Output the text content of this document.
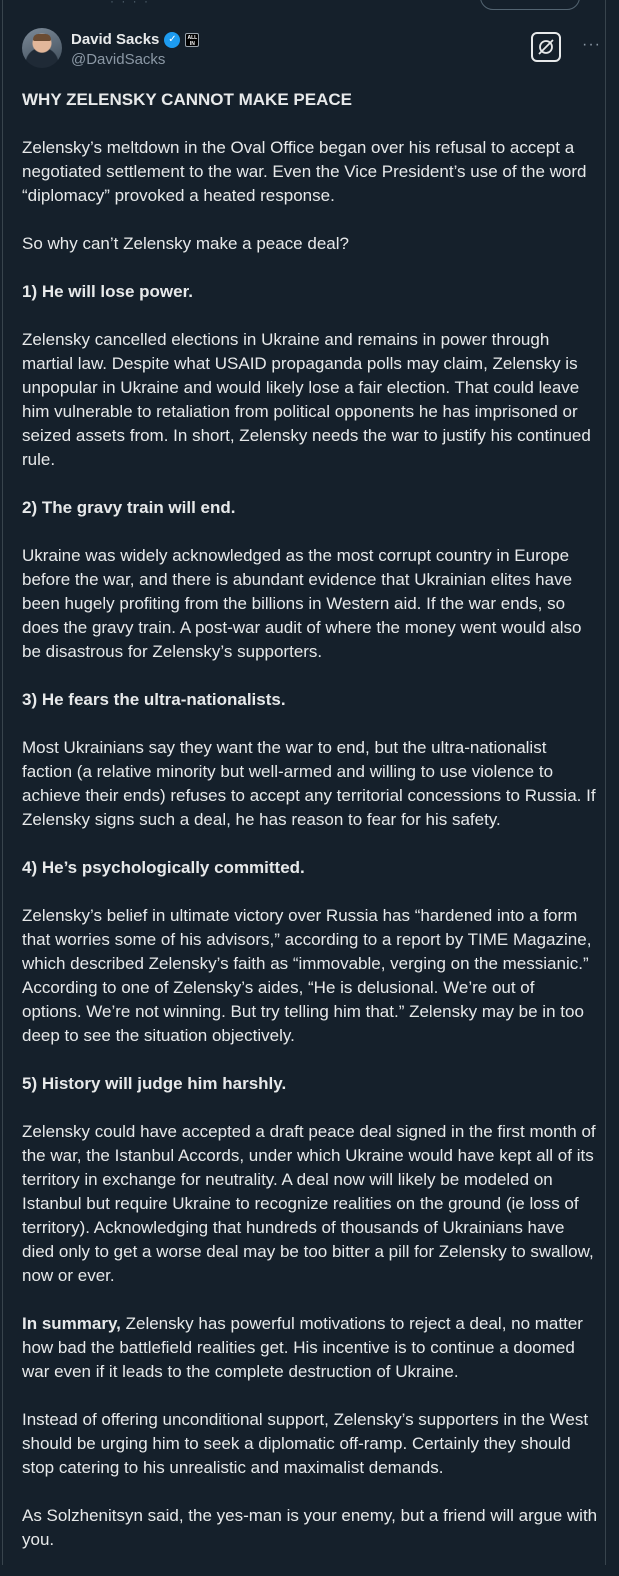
· · · ·
David Sacks ✓	ALL IN
@DavidSacks
···

WHY ZELENSKY CANNOT MAKE PEACE

Zelensky’s meltdown in the Oval Office began over his refusal to accept a negotiated settlement to the war. Even the Vice President’s use of the word “diplomacy” provoked a heated response.

So why can’t Zelensky make a peace deal?

1) He will lose power.

Zelensky cancelled elections in Ukraine and remains in power through martial law. Despite what USAID propaganda polls may claim, Zelensky is unpopular in Ukraine and would likely lose a fair election. That could leave him vulnerable to retaliation from political opponents he has imprisoned or seized assets from. In short, Zelensky needs the war to justify his continued rule.

2) The gravy train will end.

Ukraine was widely acknowledged as the most corrupt country in Europe before the war, and there is abundant evidence that Ukrainian elites have been hugely profiting from the billions in Western aid. If the war ends, so does the gravy train. A post-war audit of where the money went would also be disastrous for Zelensky’s supporters.

3) He fears the ultra-nationalists.

Most Ukrainians say they want the war to end, but the ultra-nationalist faction (a relative minority but well-armed and willing to use violence to achieve their ends) refuses to accept any territorial concessions to Russia. If Zelensky signs such a deal, he has reason to fear for his safety.

4) He’s psychologically committed.

Zelensky’s belief in ultimate victory over Russia has “hardened into a form that worries some of his advisors,” according to a report by TIME Magazine, which described Zelensky’s faith as “immovable, verging on the messianic.” According to one of Zelensky’s aides, “He is delusional. We’re out of options. We’re not winning. But try telling him that.” Zelensky may be in too deep to see the situation objectively.

5) History will judge him harshly.

Zelensky could have accepted a draft peace deal signed in the first month of the war, the Istanbul Accords, under which Ukraine would have kept all of its territory in exchange for neutrality. A deal now will likely be modeled on Istanbul but require Ukraine to recognize realities on the ground (ie loss of territory). Acknowledging that hundreds of thousands of Ukrainians have died only to get a worse deal may be too bitter a pill for Zelensky to swallow, now or ever.

In summary, Zelensky has powerful motivations to reject a deal, no matter how bad the battlefield realities get. His incentive is to continue a doomed war even if it leads to the complete destruction of Ukraine.

Instead of offering unconditional support, Zelensky’s supporters in the West should be urging him to seek a diplomatic off-ramp. Certainly they should stop catering to his unrealistic and maximalist demands.

As Solzhenitsyn said, the yes-man is your enemy, but a friend will argue with you.
